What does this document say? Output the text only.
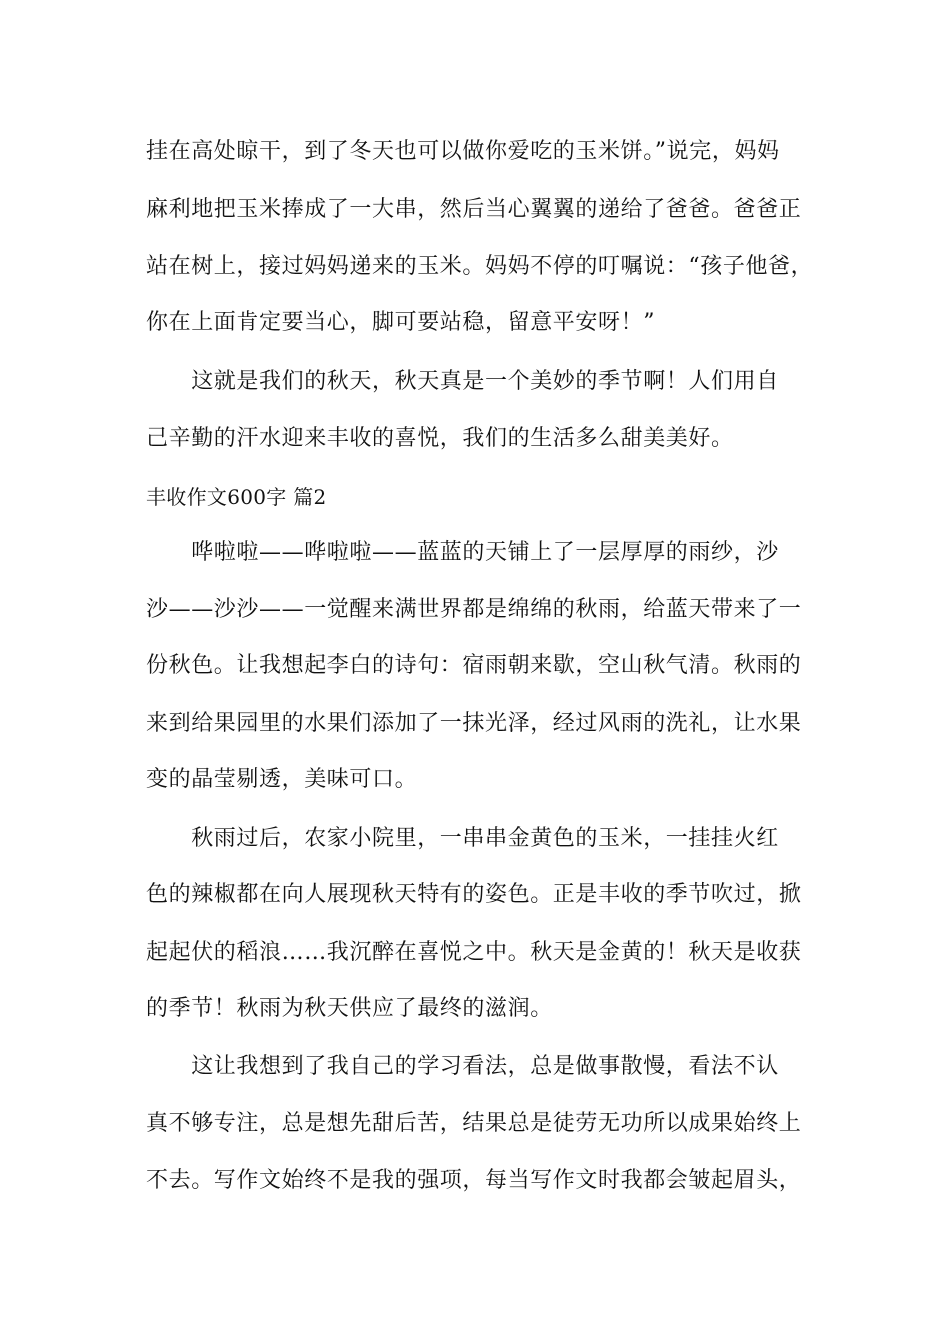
挂在高处晾干，到了冬天也可以做你爱吃的玉米饼。”说完，妈妈
麻利地把玉米捧成了一大串，然后当心翼翼的递给了爸爸。爸爸正
站在树上，接过妈妈递来的玉米。妈妈不停的叮嘱说：“孩子他爸，
你在上面肯定要当心，脚可要站稳，留意平安呀！”
　　这就是我们的秋天，秋天真是一个美妙的季节啊！人们用自
己辛勤的汗水迎来丰收的喜悦，我们的生活多么甜美美好。
丰收作文600字 篇2
　　哗啦啦——哗啦啦——蓝蓝的天铺上了一层厚厚的雨纱，沙
沙——沙沙——一觉醒来满世界都是绵绵的秋雨，给蓝天带来了一
份秋色。让我想起李白的诗句：宿雨朝来歇，空山秋气清。秋雨的
来到给果园里的水果们添加了一抹光泽，经过风雨的洗礼，让水果
变的晶莹剔透，美味可口。
　　秋雨过后，农家小院里，一串串金黄色的玉米，一挂挂火红
色的辣椒都在向人展现秋天特有的姿色。正是丰收的季节吹过，掀
起起伏的稻浪……我沉醉在喜悦之中。秋天是金黄的！秋天是收获
的季节！秋雨为秋天供应了最终的滋润。
　　这让我想到了我自己的学习看法，总是做事散慢，看法不认
真不够专注，总是想先甜后苦，结果总是徒劳无功所以成果始终上
不去。写作文始终不是我的强项，每当写作文时我都会皱起眉头，
